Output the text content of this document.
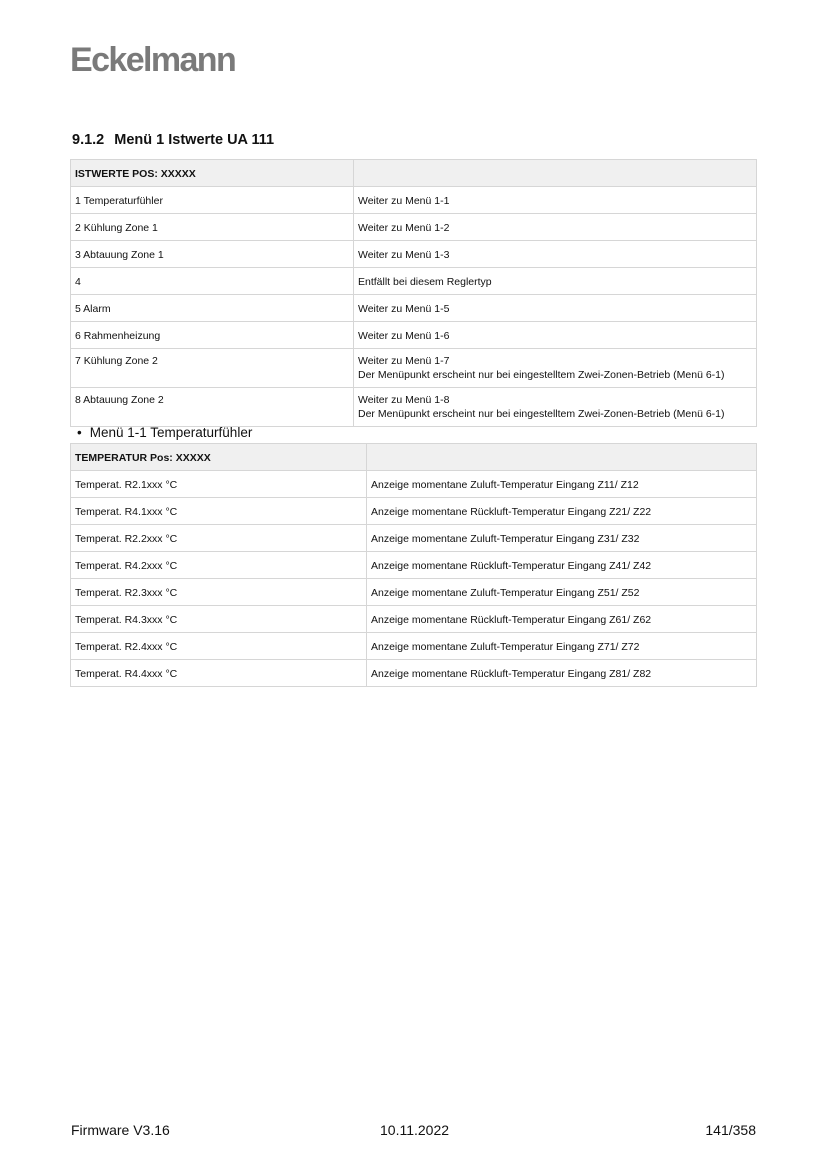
Eckelmann
9.1.2 Menü 1 Istwerte UA 111
ISTWERTE POS: XXXXX	
1 Temperaturfühler	Weiter zu Menü 1-1
2 Kühlung Zone 1	Weiter zu Menü 1-2
3 Abtauung Zone 1	Weiter zu Menü 1-3
4	Entfällt bei diesem Reglertyp
5 Alarm	Weiter zu Menü 1-5
6 Rahmenheizung	Weiter zu Menü 1-6
7 Kühlung Zone 2	Weiter zu Menü 1-7
Der Menüpunkt erscheint nur bei eingestelltem Zwei-Zonen-Betrieb (Menü 6-1)

8 Abtauung Zone 2	Weiter zu Menü 1-8
Der Menüpunkt erscheint nur bei eingestelltem Zwei-Zonen-Betrieb (Menü 6-1)
• Menü 1-1 Temperaturfühler
TEMPERATUR Pos: XXXXX	
Temperat. R2.1xxx °C	Anzeige momentane Zuluft-Temperatur Eingang Z11/ Z12
Temperat. R4.1xxx °C	Anzeige momentane Rückluft-Temperatur Eingang Z21/ Z22
Temperat. R2.2xxx °C	Anzeige momentane Zuluft-Temperatur Eingang Z31/ Z32
Temperat. R4.2xxx °C	Anzeige momentane Rückluft-Temperatur Eingang Z41/ Z42
Temperat. R2.3xxx °C	Anzeige momentane Zuluft-Temperatur Eingang Z51/ Z52
Temperat. R4.3xxx °C	Anzeige momentane Rückluft-Temperatur Eingang Z61/ Z62
Temperat. R2.4xxx °C	Anzeige momentane Zuluft-Temperatur Eingang Z71/ Z72
Temperat. R4.4xxx °C	Anzeige momentane Rückluft-Temperatur Eingang Z81/ Z82
Firmware V3.16	10.11.2022	141/358
